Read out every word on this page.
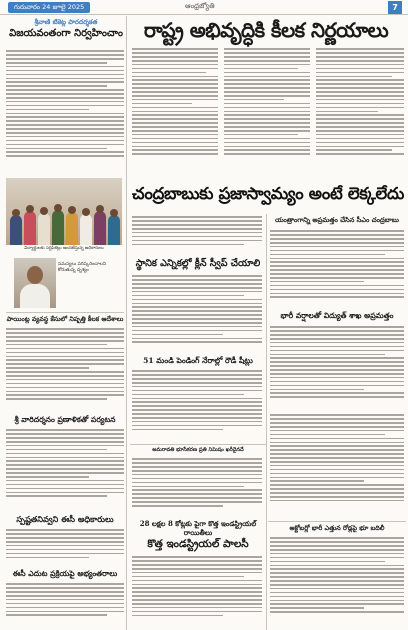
గురువారం 24 జూలై 2025	ఆంధ్రజ్యోతి	7
శ్రీవాణి టికెట్ల పారదర్శకత
విజయవంతంగా నిర్వహించాం	రాష్ట్ర అభివృద్ధికి కీలక నిర్ణయాలు
విద్యార్థులకు సర్టిఫికెట్లు అందజేస్తున్న అధికారులు
సమస్యలు పరిష్కరించాలని కోరుతున్న దృశ్యం
పాయింట్ల వ్యవస్థ కేసులో నిష్పత్తి కీలక ఆదేశాలు
శ్రీ వారిదర్శనం ప్రణాళికతో పర్యటన
స్పష్టతనివ్వని ఈసీ అధికారులు
ఈసీ ఎదుట ప్రక్రియపై అభ్యంతరాలు
చంద్రబాబుకు ప్రజాస్వామ్యం అంటే లెక్కలేదు
స్థానిక ఎన్నికల్లో క్లీన్ స్వీప్ చేయాలి
51 మండి పెండింగ్ నేరాల్లో రౌడీ షీట్లు
అమరావతి భూసేకరణ ప్రతి నిమిషం ఖరీదైనదే
28 లక్షల 8 కోట్లకు పైగా కొత్త ఇండస్ట్రియల్ రాయితీలు
కొత్త ఇండస్ట్రియల్ పాలసీ
యంత్రాంగాన్ని అప్రమత్తం చేసిన సీఎం చంద్రబాబు
భారీ వర్షాలతో విద్యుత్ శాఖ అప్రమత్తం
అక్టోబర్లో భారీ ఎత్తున రోడ్లపై భూ బదిలీ
